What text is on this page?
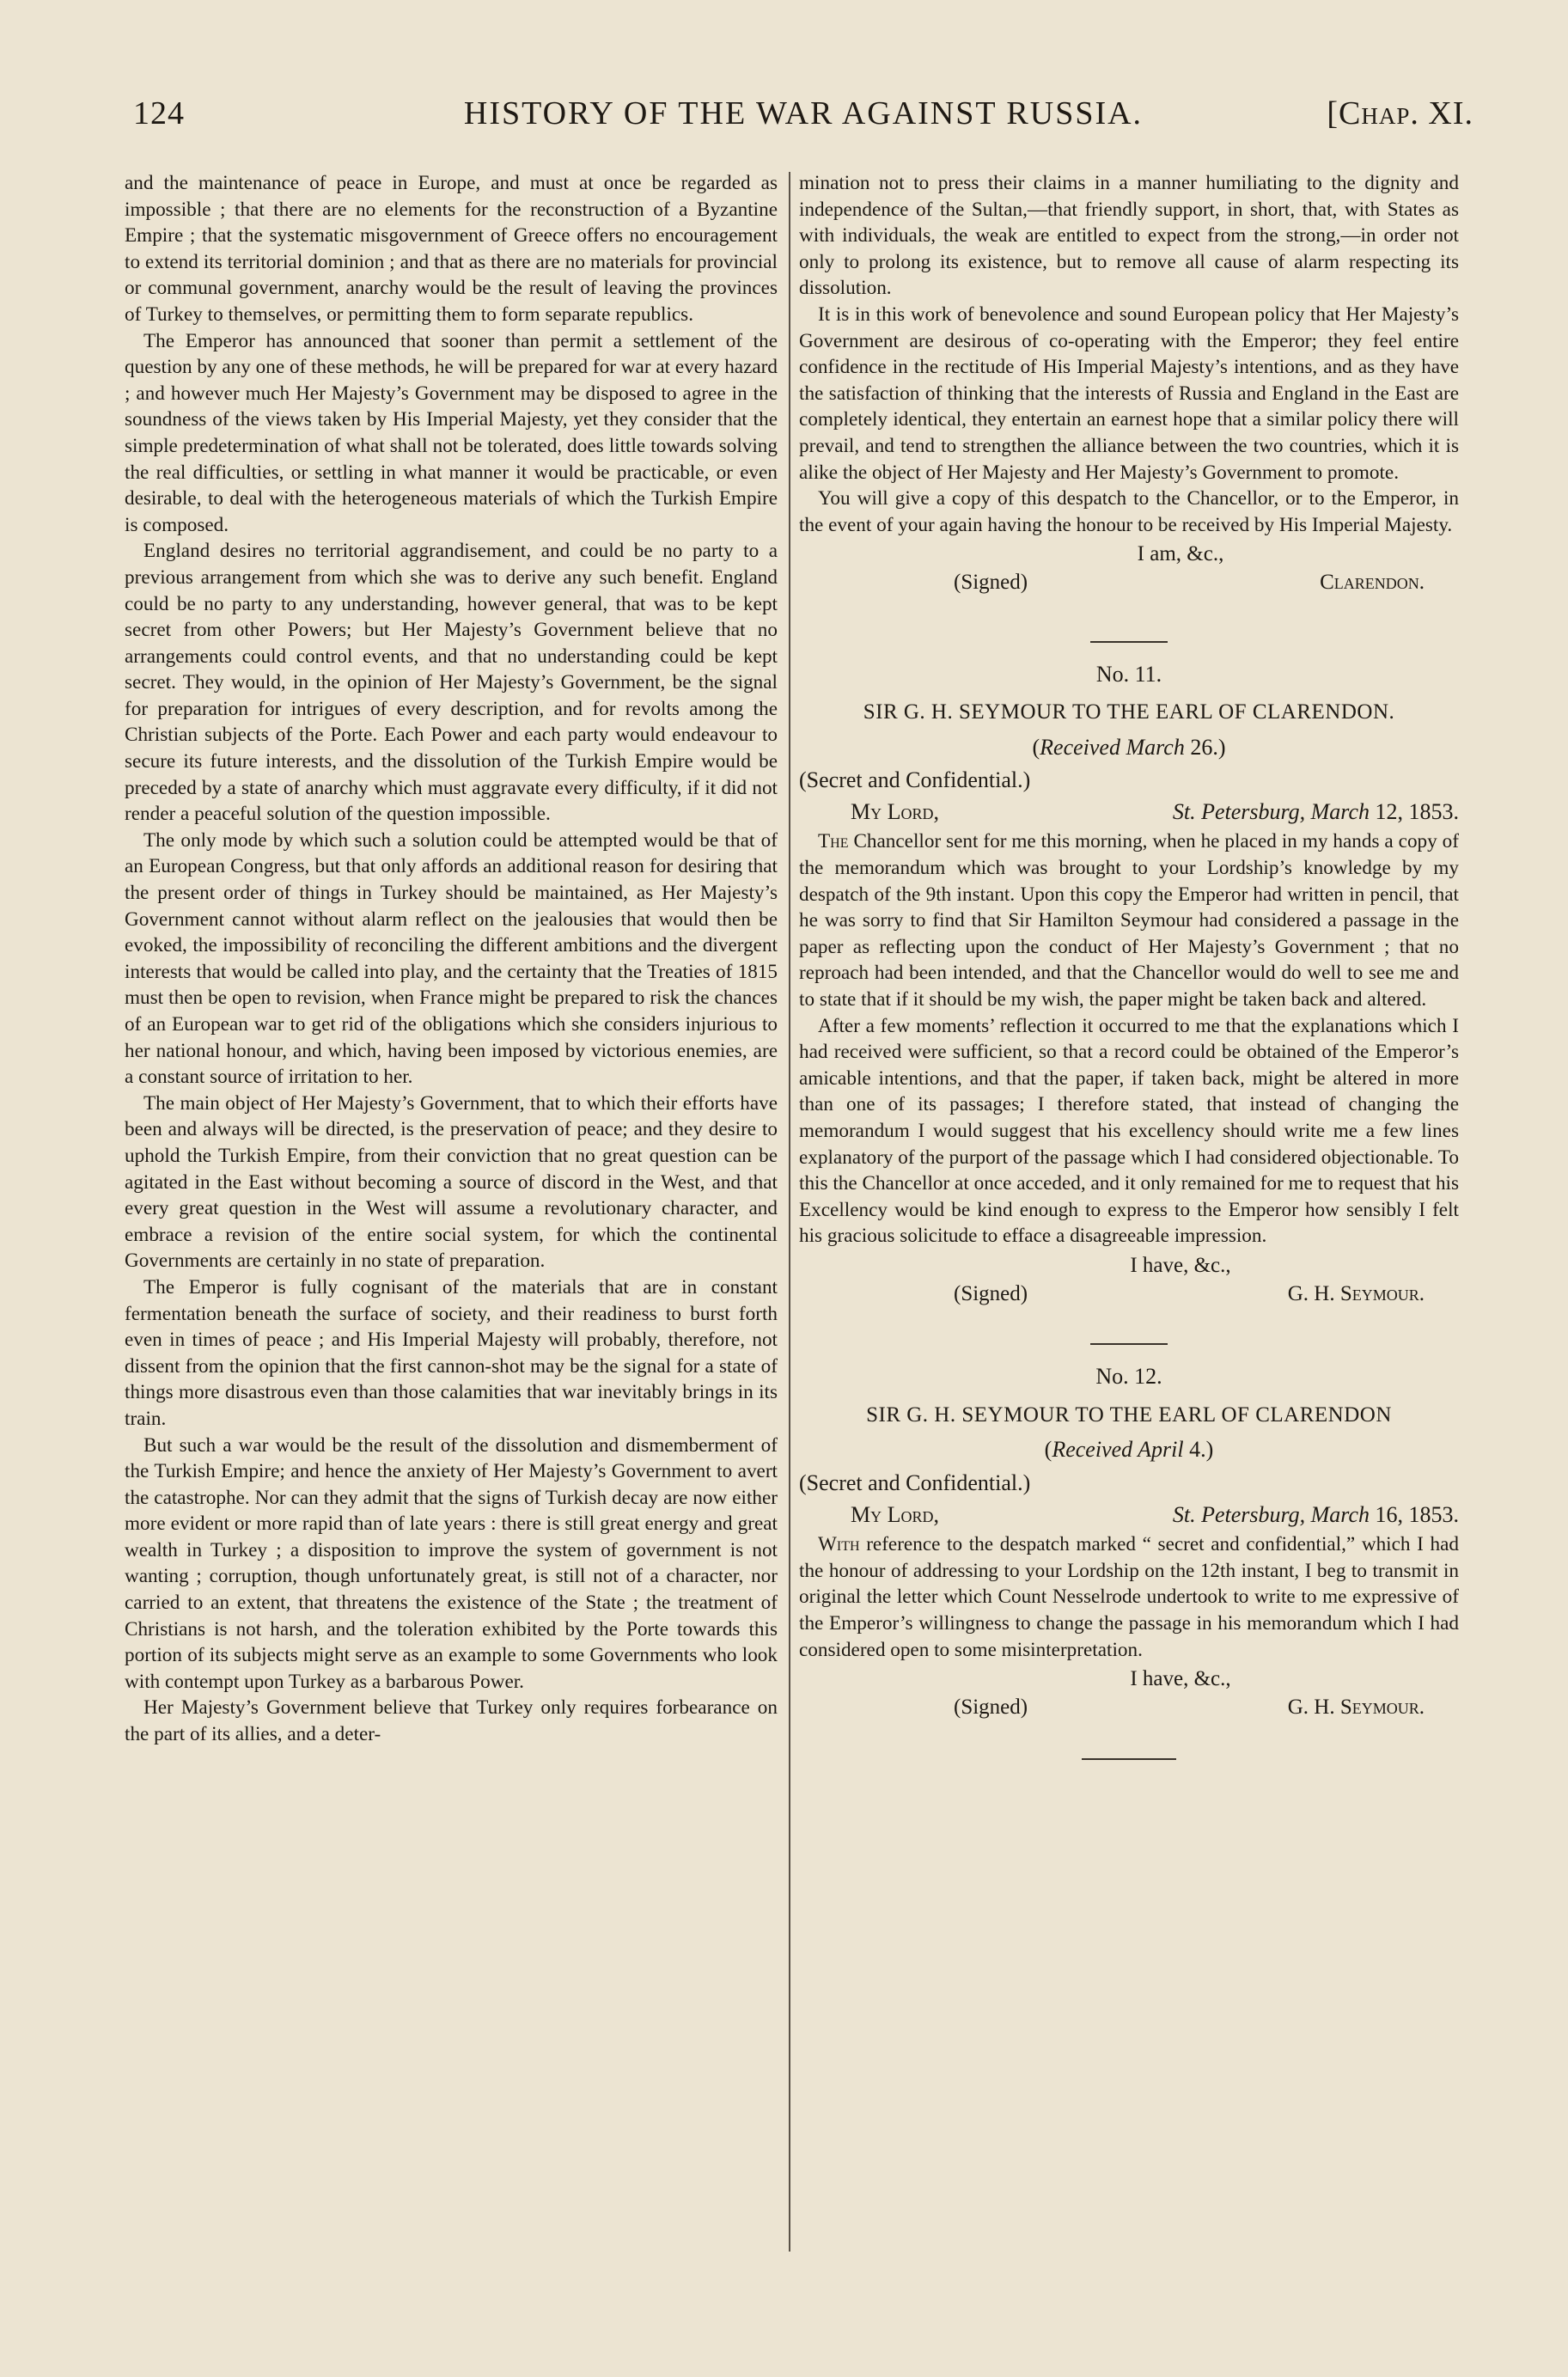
124	HISTORY OF THE WAR AGAINST RUSSIA.	[Chap. XI.

and the maintenance of peace in Europe, and must at once be regarded as impossible ; that there are no elements for the reconstruction of a Byzantine Empire ; that the systematic misgovernment of Greece offers no encouragement to extend its territorial dominion ; and that as there are no materials for provincial or communal government, anarchy would be the result of leaving the provinces of Turkey to themselves, or permitting them to form separate republics.

The Emperor has announced that sooner than permit a settlement of the question by any one of these methods, he will be prepared for war at every hazard ; and however much Her Majesty’s Government may be disposed to agree in the soundness of the views taken by His Imperial Majesty, yet they consider that the simple predetermination of what shall not be tolerated, does little towards solving the real difficulties, or settling in what manner it would be practicable, or even desirable, to deal with the heterogeneous materials of which the Turkish Empire is composed.

England desires no territorial aggrandisement, and could be no party to a previous arrangement from which she was to derive any such benefit. England could be no party to any understanding, however general, that was to be kept secret from other Powers; but Her Majesty’s Government believe that no arrangements could control events, and that no understanding could be kept secret. They would, in the opinion of Her Majesty’s Government, be the signal for preparation for intrigues of every description, and for revolts among the Christian subjects of the Porte. Each Power and each party would endeavour to secure its future interests, and the dissolution of the Turkish Empire would be preceded by a state of anarchy which must aggravate every difficulty, if it did not render a peaceful solution of the question impossible.

The only mode by which such a solution could be attempted would be that of an European Congress, but that only affords an additional reason for desiring that the present order of things in Turkey should be maintained, as Her Majesty’s Government cannot without alarm reflect on the jealousies that would then be evoked, the impossibility of reconciling the different ambitions and the divergent interests that would be called into play, and the certainty that the Treaties of 1815 must then be open to revision, when France might be prepared to risk the chances of an European war to get rid of the obligations which she considers injurious to her national honour, and which, having been imposed by victorious enemies, are a constant source of irritation to her.

The main object of Her Majesty’s Government, that to which their efforts have been and always will be directed, is the preservation of peace; and they desire to uphold the Turkish Empire, from their conviction that no great question can be agitated in the East without becoming a source of discord in the West, and that every great question in the West will assume a revolutionary character, and embrace a revision of the entire social system, for which the continental Governments are certainly in no state of preparation.

The Emperor is fully cognisant of the materials that are in constant fermentation beneath the surface of society, and their readiness to burst forth even in times of peace ; and His Imperial Majesty will probably, therefore, not dissent from the opinion that the first cannon-shot may be the signal for a state of things more disastrous even than those calamities that war inevitably brings in its train.

But such a war would be the result of the dissolution and dismemberment of the Turkish Empire; and hence the anxiety of Her Majesty’s Government to avert the catastrophe. Nor can they admit that the signs of Turkish decay are now either more evident or more rapid than of late years : there is still great energy and great wealth in Turkey ; a disposition to improve the system of government is not wanting ; corruption, though unfortunately great, is still not of a character, nor carried to an extent, that threatens the existence of the State ; the treatment of Christians is not harsh, and the toleration exhibited by the Porte towards this portion of its subjects might serve as an example to some Governments who look with contempt upon Turkey as a barbarous Power.

Her Majesty’s Government believe that Turkey only requires forbearance on the part of its allies, and a deter-

mination not to press their claims in a manner humiliating to the dignity and independence of the Sultan,—that friendly support, in short, that, with States as with individuals, the weak are entitled to expect from the strong,—in order not only to prolong its existence, but to remove all cause of alarm respecting its dissolution.

It is in this work of benevolence and sound European policy that Her Majesty’s Government are desirous of co-operating with the Emperor; they feel entire confidence in the rectitude of His Imperial Majesty’s intentions, and as they have the satisfaction of thinking that the interests of Russia and England in the East are completely identical, they entertain an earnest hope that a similar policy there will prevail, and tend to strengthen the alliance between the two countries, which it is alike the object of Her Majesty and Her Majesty’s Government to promote.

You will give a copy of this despatch to the Chancellor, or to the Emperor, in the event of your again having the honour to be received by His Imperial Majesty.

I am, &c.,
(Signed)	Clarendon.
No. 11.
SIR G. H. SEYMOUR TO THE EARL OF CLARENDON.
(Received March 26.)
(Secret and Confidential.)
My Lord,	St. Petersburg, March 12, 1853.

The Chancellor sent for me this morning, when he placed in my hands a copy of the memorandum which was brought to your Lordship’s knowledge by my despatch of the 9th instant. Upon this copy the Emperor had written in pencil, that he was sorry to find that Sir Hamilton Seymour had considered a passage in the paper as reflecting upon the conduct of Her Majesty’s Government ; that no reproach had been intended, and that the Chancellor would do well to see me and to state that if it should be my wish, the paper might be taken back and altered.

After a few moments’ reflection it occurred to me that the explanations which I had received were sufficient, so that a record could be obtained of the Emperor’s amicable intentions, and that the paper, if taken back, might be altered in more than one of its passages; I therefore stated, that instead of changing the memorandum I would suggest that his excellency should write me a few lines explanatory of the purport of the passage which I had considered objectionable. To this the Chancellor at once acceded, and it only remained for me to request that his Excellency would be kind enough to express to the Emperor how sensibly I felt his gracious solicitude to efface a disagreeable impression.

I have, &c.,
(Signed)	G. H. Seymour.
No. 12.
SIR G. H. SEYMOUR TO THE EARL OF CLARENDON
(Received April 4.)
(Secret and Confidential.)
My Lord,	St. Petersburg, March 16, 1853.

With reference to the despatch marked “ secret and confidential,” which I had the honour of addressing to your Lordship on the 12th instant, I beg to transmit in original the letter which Count Nesselrode undertook to write to me expressive of the Emperor’s willingness to change the passage in his memorandum which I had considered open to some misinterpretation.

I have, &c.,
(Signed)	G. H. Seymour.
